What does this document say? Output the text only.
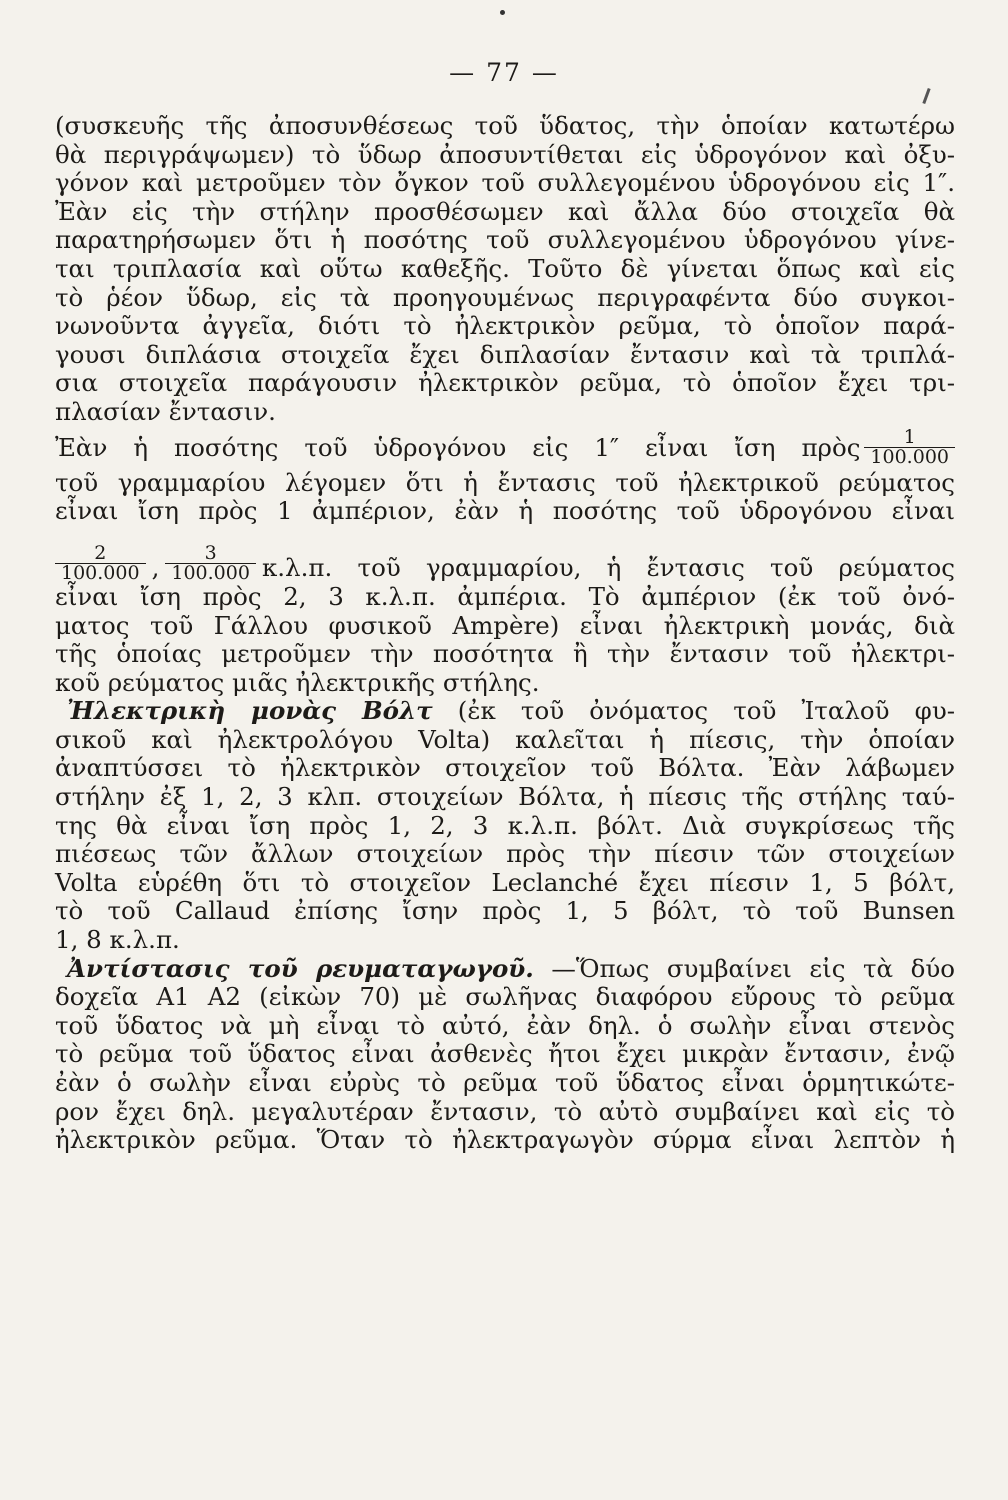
— 77 —
(συσκευῆς τῆς ἀποσυνθέσεως τοῦ ὕδατος, τὴν ὁποίαν κατωτέρω
θὰ περιγράψωμεν) τὸ ὕδωρ ἀποσυντίθεται εἰς ὑδρογόνον καὶ ὀξυ-
γόνον καὶ μετροῦμεν τὸν ὄγκον τοῦ συλλεγομένου ὑδρογόνου εἰς 1″.
Ἐὰν εἰς τὴν στήλην προσθέσωμεν καὶ ἄλλα δύο στοιχεῖα θὰ
παρατηρήσωμεν ὅτι ἡ ποσότης τοῦ συλλεγομένου ὑδρογόνου γίνε-
ται τριπλασία καὶ οὕτω καθεξῆς. Τοῦτο δὲ γίνεται ὅπως καὶ εἰς
τὸ ῥέον ὕδωρ, εἰς τὰ προηγουμένως περιγραφέντα δύο συγκοι-
νωνοῦντα ἀγγεῖα, διότι τὸ ἠλεκτρικὸν ρεῦμα, τὸ ὁποῖον παρά-
γουσι διπλάσια στοιχεῖα ἔχει διπλασίαν ἔντασιν καὶ τὰ τριπλά-
σια στοιχεῖα παράγουσιν ἠλεκτρικὸν ρεῦμα, τὸ ὁποῖον ἔχει τρι-
πλασίαν ἔντασιν.
Ἐὰν ἡ ποσότης τοῦ ὑδρογόνου εἰς 1″ εἶναι ἴση πρὸς $\frac{1}{100.000}$
τοῦ γραμμαρίου λέγομεν ὅτι ἡ ἔντασις τοῦ ἠλεκτρικοῦ ρεύματος
εἶναι ἴση πρὸς 1 ἀμπέριον, ἐὰν ἡ ποσότης τοῦ ὑδρογόνου εἶναι
$\frac{2}{100.000}$ , $\frac{3}{100.000} \kappa.\lambda.\pi$. τοῦ γραμμαρίου, ἡ ἔντασις τοῦ ρεύματος
εἶναι ἴση πρὸς 2, 3 κ.λ.π. ἀμπέρια. Τὸ ἀμπέριον (ἐκ τοῦ ὀνό-
ματος τοῦ Γάλλου φυσικοῦ Ampère) εἶναι ἠλεκτρικὴ μονάς, διὰ
τῆς ὁποίας μετροῦμεν τὴν ποσότητα ἢ τὴν ἔντασιν τοῦ ἠλεκτρι-
κοῦ ρεύματος μιᾶς ἠλεκτρικῆς στήλης.
Ἠλεκτρικὴ μονὰς Βόλτ (ἐκ τοῦ ὀνόματος τοῦ Ἰταλοῦ φυ-
σικοῦ καὶ ἠλεκτρολόγου Volta) καλεῖται ἡ πίεσις, τὴν ὁποίαν
ἀναπτύσσει τὸ ἠλεκτρικὸν στοιχεῖον τοῦ Βόλτα. Ἐὰν λάβωμεν
στήλην ἐξ 1, 2, 3 κλπ. στοιχείων Βόλτα, ἡ πίεσις τῆς στήλης ταύ-
της θὰ εἶναι ἴση πρὸς 1, 2, 3 κ.λ.π. βόλτ. Διὰ συγκρίσεως τῆς
πιέσεως τῶν ἄλλων στοιχείων πρὸς τὴν πίεσιν τῶν στοιχείων
Volta εὑρέθη ὅτι τὸ στοιχεῖον Leclanché ἔχει πίεσιν 1, 5 βόλτ,
τὸ τοῦ Callaud ἐπίσης ἴσην πρὸς 1, 5 βόλτ, τὸ τοῦ Bunsen
1, 8 κ.λ.π.
Ἀντίστασις τοῦ ρευματαγωγοῦ. —Ὅπως συμβαίνει εἰς τὰ δύο
δοχεῖα Α1 Α2 (εἰκὼν 70) μὲ σωλῆνας διαφόρου εὔρους τὸ ρεῦμα
τοῦ ὕδατος νὰ μὴ εἶναι τὸ αὐτό, ἐὰν δηλ. ὁ σωλὴν εἶναι στενὸς
τὸ ρεῦμα τοῦ ὕδατος εἶναι ἀσθενὲς ἤτοι ἔχει μικρὰν ἔντασιν, ἐνῷ
ἐὰν ὁ σωλὴν εἶναι εὐρὺς τὸ ρεῦμα τοῦ ὕδατος εἶναι ὁρμητικώτε-
ρον ἔχει δηλ. μεγαλυτέραν ἔντασιν, τὸ αὐτὸ συμβαίνει καὶ εἰς τὸ
ἠλεκτρικὸν ρεῦμα. Ὅταν τὸ ἠλεκτραγωγὸν σύρμα εἶναι λεπτὸν ἡ
